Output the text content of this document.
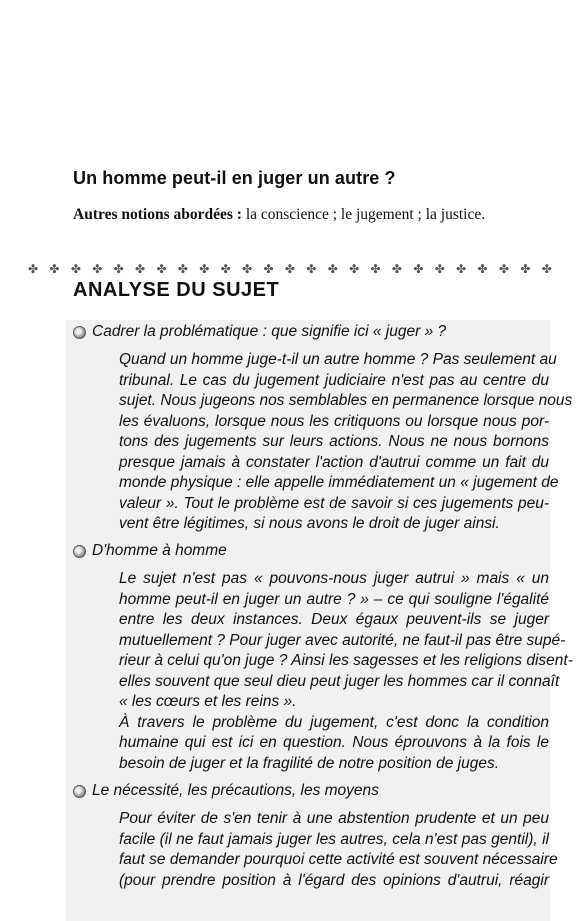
Un homme peut-il en juger un autre ?
Autres notions abordées : la conscience ; le jugement ; la justice.
✤ ✤ ✤ ✤ ✤ ✤ ✤ ✤ ✤ ✤ ✤ ✤ ✤ ✤ ✤ ✤ ✤ ✤ ✤ ✤ ✤ ✤ ✤ ✤ ✤
ANALYSE DU SUJET
Cadrer la problématique : que signifie ici « juger » ?
Quand un homme juge-t-il un autre homme ? Pas seulement au
tribunal. Le cas du jugement judiciaire n'est pas au centre du
sujet. Nous jugeons nos semblables en permanence lorsque nous
les évaluons, lorsque nous les critiquons ou lorsque nous por-
tons des jugements sur leurs actions. Nous ne nous bornons
presque jamais à constater l'action d'autrui comme un fait du
monde physique : elle appelle immédiatement un « jugement de
valeur ». Tout le problème est de savoir si ces jugements peu-
vent être légitimes, si nous avons le droit de juger ainsi.
D'homme à homme
Le sujet n'est pas « pouvons-nous juger autrui » mais « un
homme peut-il en juger un autre ? » – ce qui souligne l'égalité
entre les deux instances. Deux égaux peuvent-ils se juger
mutuellement ? Pour juger avec autorité, ne faut-il pas être supé-
rieur à celui qu'on juge ? Ainsi les sagesses et les religions disent-
elles souvent que seul dieu peut juger les hommes car il connaît
« les cœurs et les reins ».
À travers le problème du jugement, c'est donc la condition
humaine qui est ici en question. Nous éprouvons à la fois le
besoin de juger et la fragilité de notre position de juges.
Le nécessité, les précautions, les moyens
Pour éviter de s'en tenir à une abstention prudente et un peu
facile (il ne faut jamais juger les autres, cela n'est pas gentil), il
faut se demander pourquoi cette activité est souvent nécessaire
(pour prendre position à l'égard des opinions d'autrui, réagir
